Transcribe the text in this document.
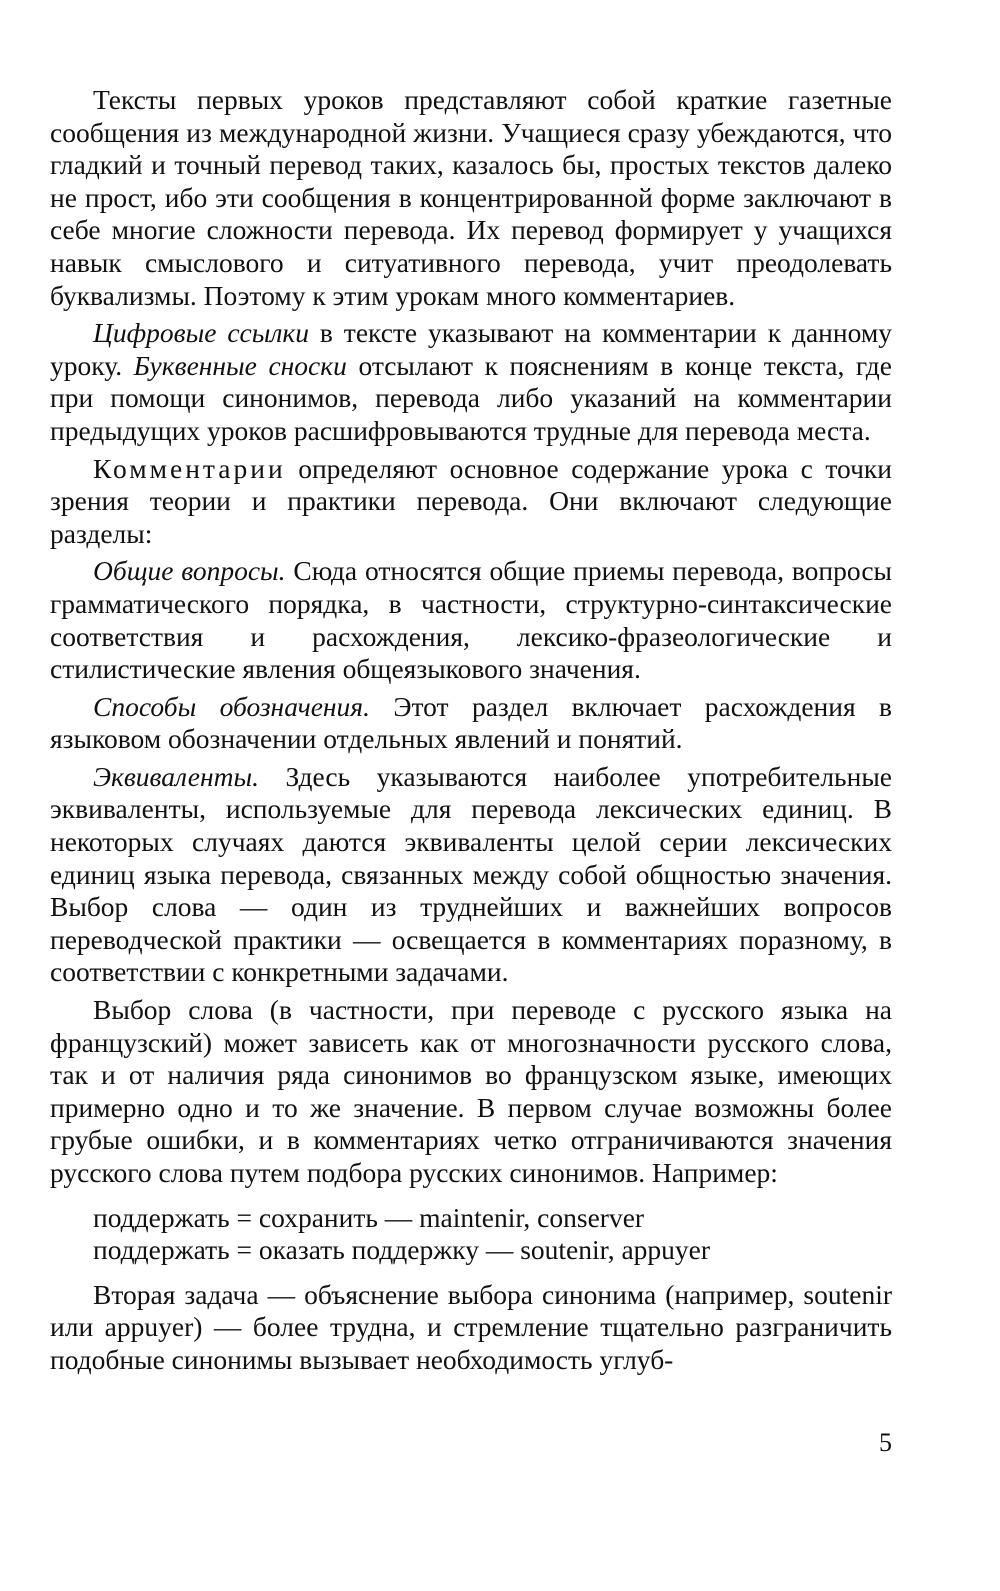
Тексты первых уроков представляют собой краткие газетные сообщения из международной жизни. Учащиеся сразу убеждаются, что гладкий и точный перевод таких, казалось бы, простых текстов далеко не прост, ибо эти сообщения в концентрированной форме заключают в себе многие сложности перевода. Их перевод формирует у учащихся навык смыслового и ситуативного перевода, учит преодолевать буквализмы. Поэтому к этим урокам много комментариев.

Цифровые ссылки в тексте указывают на комментарии к данному уроку. Буквенные сноски отсылают к пояснениям в конце текста, где при помощи синонимов, перевода либо указаний на комментарии предыдущих уроков расшифровываются трудные для перевода места.

Комментарии определяют основное содержание урока с точки зрения теории и практики перевода. Они включают следующие разделы:

Общие вопросы. Сюда относятся общие приемы перевода, вопросы грамматического порядка, в частности, структурно-синтаксические соответствия и расхождения, лексико-фразеологические и стилистические явления общеязыкового значения.

Способы обозначения. Этот раздел включает расхождения в языковом обозначении отдельных явлений и понятий.

Эквиваленты. Здесь указываются наиболее употребительные эквиваленты, используемые для перевода лексических единиц. В некоторых случаях даются эквиваленты целой серии лексических единиц языка перевода, связанных между собой общностью значения. Выбор слова — один из труднейших и важнейших вопросов переводческой практики — освещается в комментариях поразному, в соответствии с конкретными задачами.

Выбор слова (в частности, при переводе с русского языка на французский) может зависеть как от многозначности русского слова, так и от наличия ряда синонимов во французском языке, имеющих примерно одно и то же значение. В первом случае возможны более грубые ошибки, и в комментариях четко отграничиваются значения русского слова путем подбора русских синонимов. Например:

поддержать = сохранить — maintenir, conserver
поддержать = оказать поддержку — soutenir, appuyer

Вторая задача — объяснение выбора синонима (например, soutenir или appuyer) — более трудна, и стремление тщательно разграничить подобные синонимы вызывает необходимость углуб-

5
